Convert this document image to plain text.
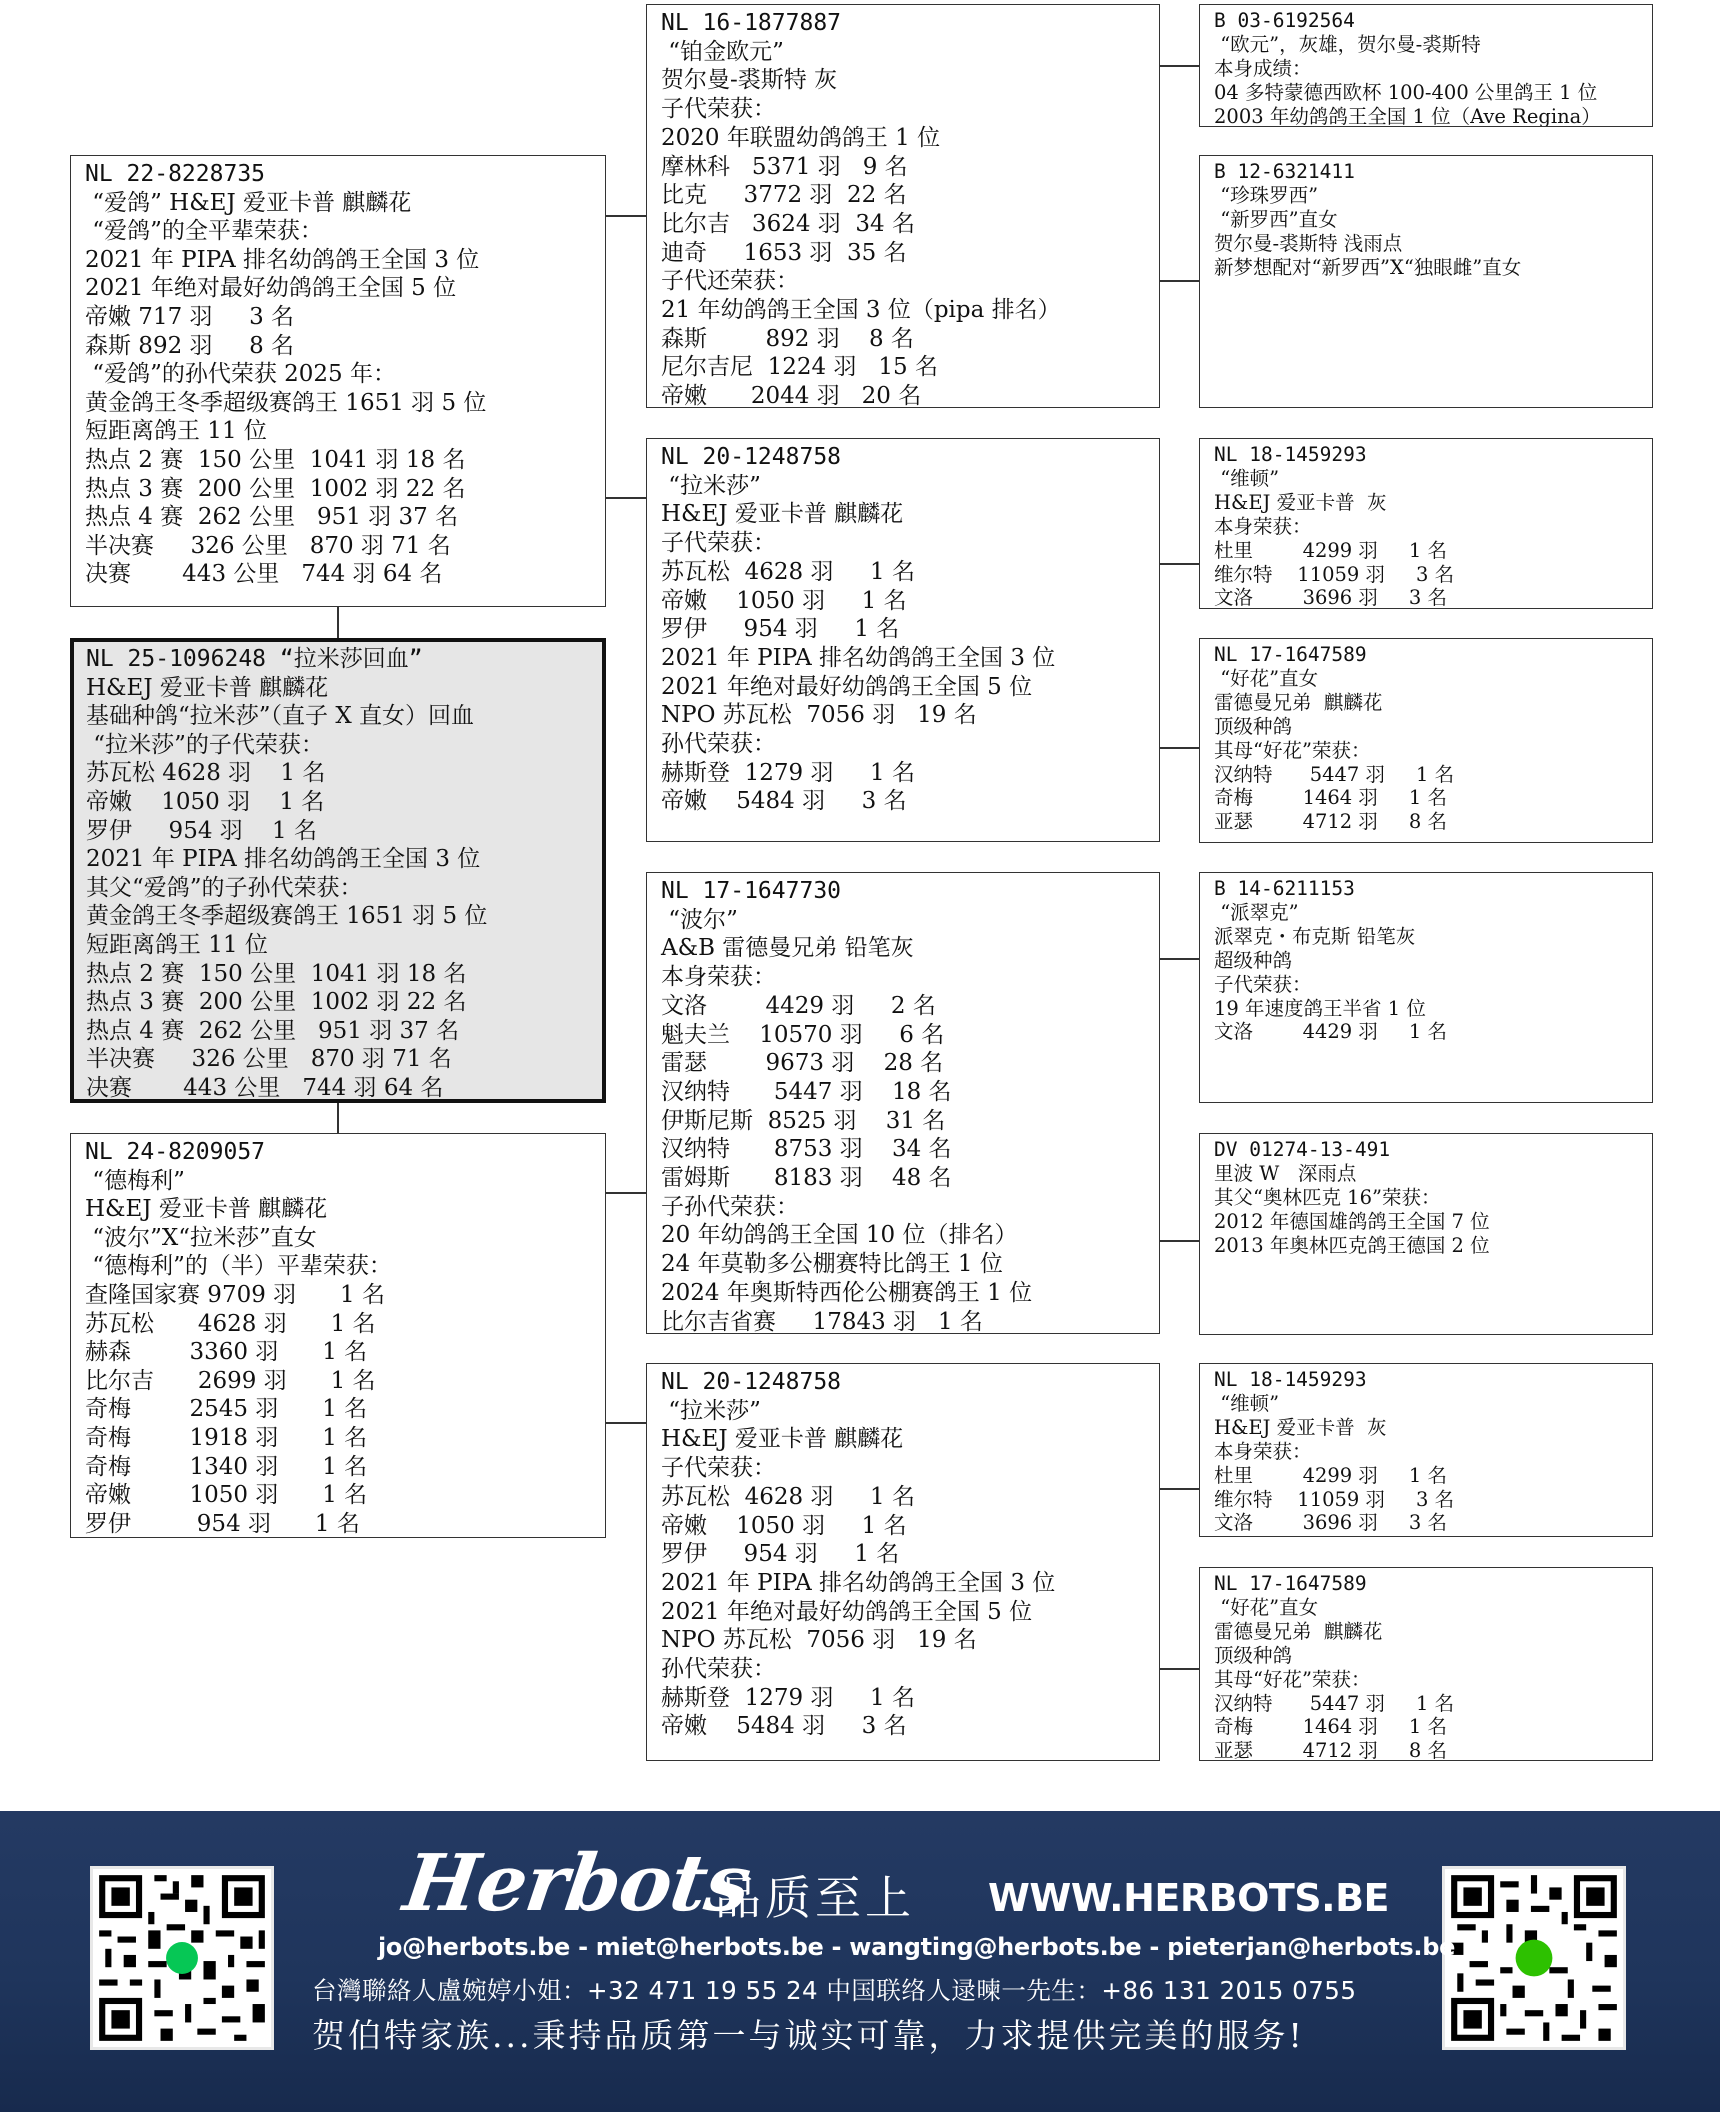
NL 25-1096248 “拉米莎回血”
H&EJ 爱亚卡普 麒麟花
基础种鸽“拉米莎”（直子 X 直女）回血
“拉米莎”的子代荣获：
苏瓦松 4628 羽    1 名
帝嫩    1050 羽    1 名
罗伊     954 羽    1 名
2021 年 PIPA 排名幼鸽鸽王全国 3 位
其父“爱鸽”的子孙代荣获：
黄金鸽王冬季超级赛鸽王 1651 羽 5 位
短距离鸽王 11 位
热点 2 赛  150 公里  1041 羽 18 名
热点 3 赛  200 公里  1002 羽 22 名
热点 4 赛  262 公里   951 羽 37 名
半决赛     326 公里   870 羽 71 名
决赛       443 公里   744 羽 64 名
NL 22-8228735
“爱鸽” H&EJ 爱亚卡普 麒麟花
“爱鸽”的全平辈荣获：
2021 年 PIPA 排名幼鸽鸽王全国 3 位
2021 年绝对最好幼鸽鸽王全国 5 位
帝嫩 717 羽     3 名
森斯 892 羽     8 名
“爱鸽”的孙代荣获 2025 年：
黄金鸽王冬季超级赛鸽王 1651 羽 5 位
短距离鸽王 11 位
热点 2 赛  150 公里  1041 羽 18 名
热点 3 赛  200 公里  1002 羽 22 名
热点 4 赛  262 公里   951 羽 37 名
半决赛     326 公里   870 羽 71 名
决赛       443 公里   744 羽 64 名
NL 24-8209057
“德梅利”
H&EJ 爱亚卡普 麒麟花
“波尔”X“拉米莎”直女
“德梅利”的（半）平辈荣获：
查隆国家赛 9709 羽      1 名
苏瓦松      4628 羽      1 名
赫森        3360 羽      1 名
比尔吉      2699 羽      1 名
奇梅        2545 羽      1 名
奇梅        1918 羽      1 名
奇梅        1340 羽      1 名
帝嫩        1050 羽      1 名
罗伊         954 羽      1 名
NL 16-1877887
“铂金欧元”
贺尔曼-裘斯特 灰
子代荣获：
2020 年联盟幼鸽鸽王 1 位
摩林科   5371 羽   9 名
比克     3772 羽  22 名
比尔吉   3624 羽  34 名
迪奇     1653 羽  35 名
子代还荣获：
21 年幼鸽鸽王全国 3 位（pipa 排名）
森斯        892 羽    8 名
尼尔吉尼  1224 羽   15 名
帝嫩      2044 羽   20 名
NL 20-1248758
“拉米莎”
H&EJ 爱亚卡普 麒麟花
子代荣获：
苏瓦松  4628 羽     1 名
帝嫩    1050 羽     1 名
罗伊     954 羽     1 名
2021 年 PIPA 排名幼鸽鸽王全国 3 位
2021 年绝对最好幼鸽鸽王全国 5 位
NPO 苏瓦松  7056 羽   19 名
孙代荣获：
赫斯登  1279 羽     1 名
帝嫩    5484 羽     3 名
NL 17-1647730
“波尔”
A&B 雷德曼兄弟 铅笔灰
本身荣获：
文洛        4429 羽     2 名
魁夫兰    10570 羽     6 名
雷瑟        9673 羽    28 名
汉纳特      5447 羽    18 名
伊斯尼斯  8525 羽    31 名
汉纳特      8753 羽    34 名
雷姆斯      8183 羽    48 名
子孙代荣获：
20 年幼鸽鸽王全国 10 位（排名）
24 年莫勒多公棚赛特比鸽王 1 位
2024 年奥斯特西伦公棚赛鸽王 1 位
比尔吉省赛     17843 羽   1 名
NL 20-1248758
“拉米莎”
H&EJ 爱亚卡普 麒麟花
子代荣获：
苏瓦松  4628 羽     1 名
帝嫩    1050 羽     1 名
罗伊     954 羽     1 名
2021 年 PIPA 排名幼鸽鸽王全国 3 位
2021 年绝对最好幼鸽鸽王全国 5 位
NPO 苏瓦松  7056 羽   19 名
孙代荣获：
赫斯登  1279 羽     1 名
帝嫩    5484 羽     3 名
B 03-6192564
“欧元”，灰雄，贺尔曼-裘斯特
本身成绩：
04 多特蒙德西欧杯 100-400 公里鸽王 1 位
2003 年幼鸽鸽王全国 1 位（Ave Regina）
B 12-6321411
“珍珠罗西”
“新罗西”直女
贺尔曼-裘斯特 浅雨点
新梦想配对“新罗西”X“独眼雌”直女
NL 18-1459293
“维顿”
H&EJ 爱亚卡普  灰
本身荣获：
杜里        4299 羽     1 名
维尔特    11059 羽     3 名
文洛        3696 羽     3 名
NL 17-1647589
“好花”直女
雷德曼兄弟  麒麟花
顶级种鸽
其母“好花”荣获：
汉纳特      5447 羽     1 名
奇梅        1464 羽     1 名
亚瑟        4712 羽     8 名
B 14-6211153
“派翠克”
派翠克・布克斯 铅笔灰
超级种鸽
子代荣获：
19 年速度鸽王半省 1 位
文洛        4429 羽     1 名
DV 01274-13-491
里波 W   深雨点
其父“奥林匹克 16”荣获：
2012 年德国雄鸽鸽王全国 7 位
2013 年奥林匹克鸽王德国 2 位
NL 18-1459293
“维顿”
H&EJ 爱亚卡普  灰
本身荣获：
杜里        4299 羽     1 名
维尔特    11059 羽     3 名
文洛        3696 羽     3 名
NL 17-1647589
“好花”直女
雷德曼兄弟  麒麟花
顶级种鸽
其母“好花”荣获：
汉纳特      5447 羽     1 名
奇梅        1464 羽     1 名
亚瑟        4712 羽     8 名
Herbots
品质至上 WWW.HERBOTS.BE
jo@herbots.be - miet@herbots.be - wangting@herbots.be - pieterjan@herbots.be
台灣聯絡人盧婉婷小姐：+32 471 19 55 24 中国联络人逯暕一先生：+86 131 2015 0755
贺伯特家族...秉持品质第一与诚实可靠，力求提供完美的服务!
